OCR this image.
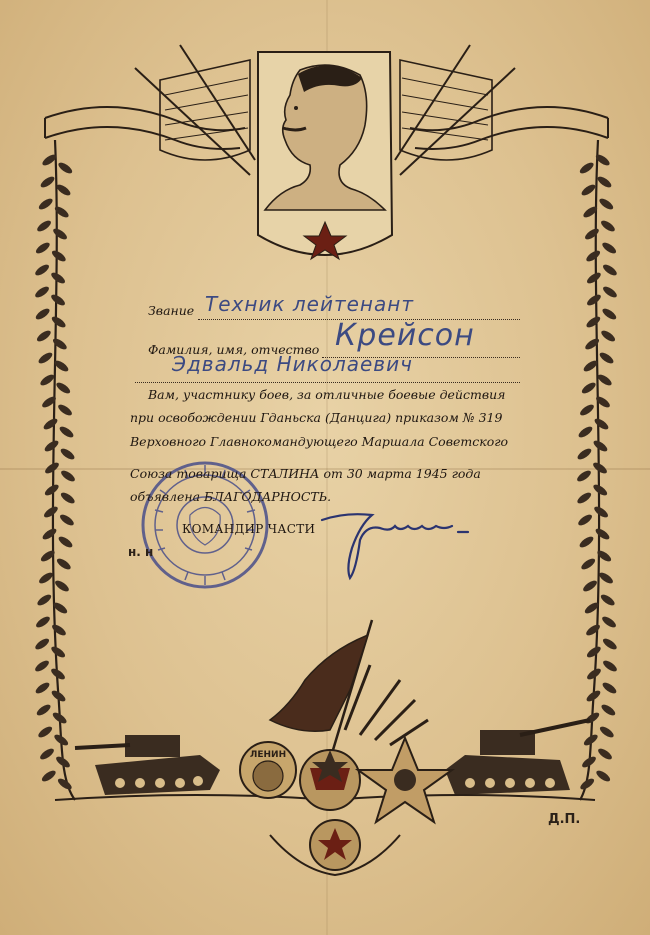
ЛЕНИН
Звание Техник лейтенант
Фамилия, имя, отчество Крейсон
Эдвальд Николаевич
Вам, участнику боев, за отличные боевые действия
при освобождении Гданьска (Данцига) приказом № 319
Верховного Главнокомандующего Маршала Советского
Союза товарища СТАЛИНА от 30 марта 1945 года
объявлена БЛАГОДАРНОСТЬ.
КОМАНДИР ЧАСТИ
н. н
Д.П.
